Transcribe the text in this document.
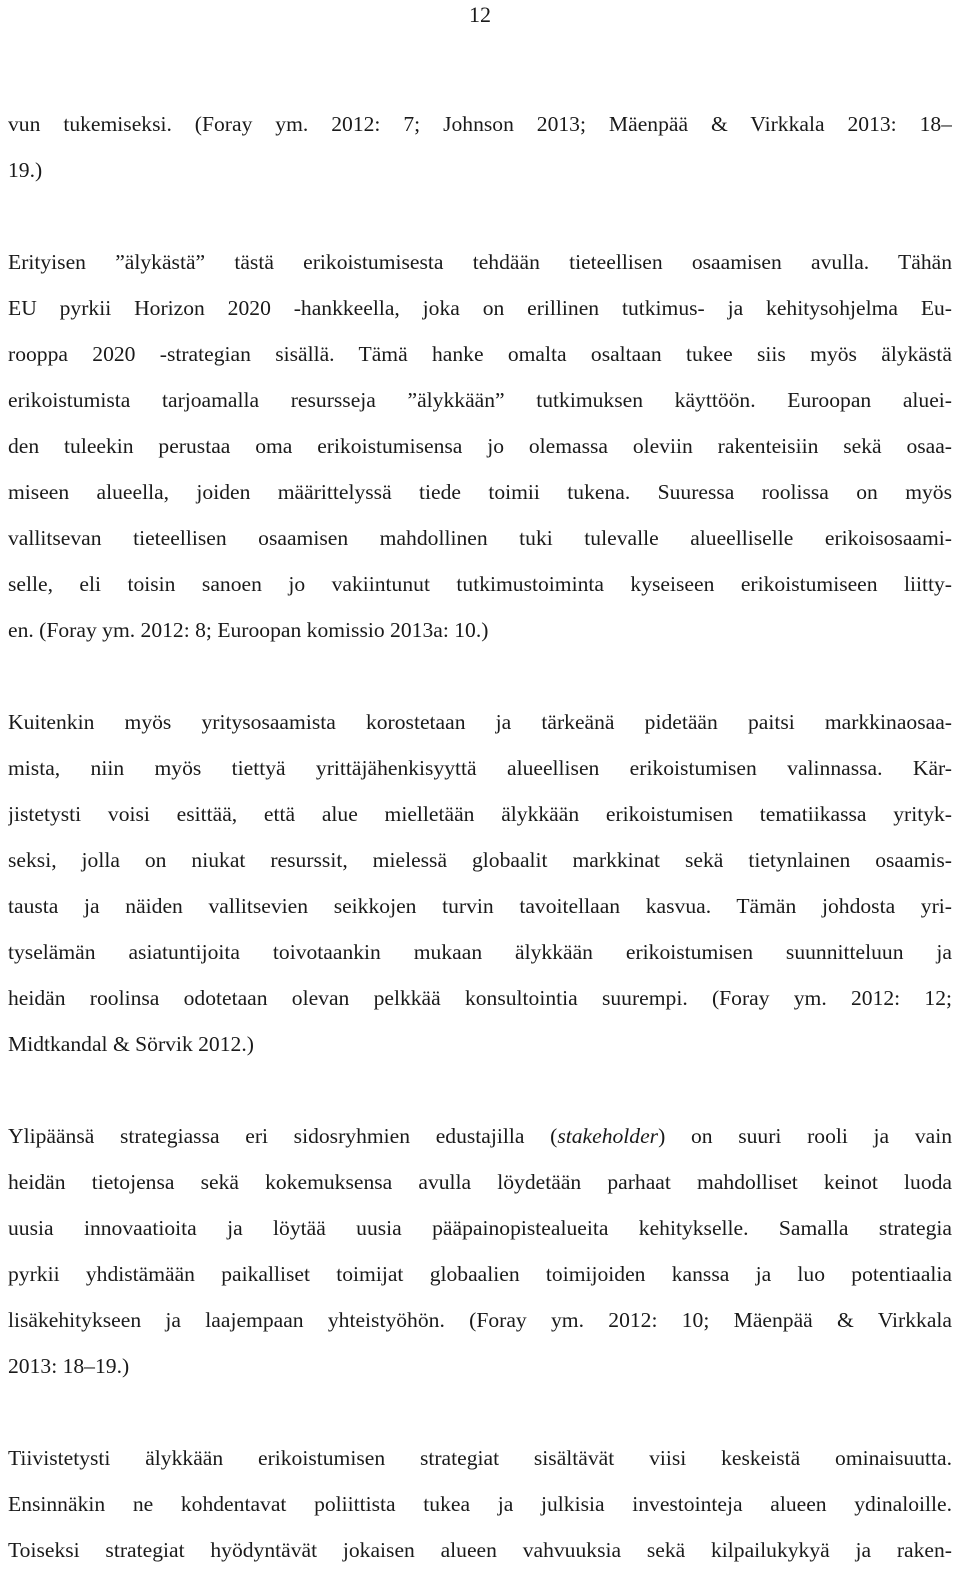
12
vun tukemiseksi. (Foray ym. 2012: 7; Johnson 2013; Mäenpää & Virkkala 2013: 18–
19.)
Erityisen ”älykästä” tästä erikoistumisesta tehdään tieteellisen osaamisen avulla. Tähän
EU pyrkii Horizon 2020 -hankkeella, joka on erillinen tutkimus- ja kehitysohjelma Eu-
rooppa 2020 -strategian sisällä. Tämä hanke omalta osaltaan tukee siis myös älykästä
erikoistumista tarjoamalla resursseja ”älykkään” tutkimuksen käyttöön. Euroopan aluei-
den tuleekin perustaa oma erikoistumisensa jo olemassa oleviin rakenteisiin sekä osaa-
miseen alueella, joiden määrittelyssä tiede toimii tukena. Suuressa roolissa on myös
vallitsevan tieteellisen osaamisen mahdollinen tuki tulevalle alueelliselle erikoisosaami-
selle, eli toisin sanoen jo vakiintunut tutkimustoiminta kyseiseen erikoistumiseen liitty-
en. (Foray ym. 2012: 8; Euroopan komissio 2013a: 10.)
Kuitenkin myös yritysosaamista korostetaan ja tärkeänä pidetään paitsi markkinaosaa-
mista, niin myös tiettyä yrittäjähenkisyyttä alueellisen erikoistumisen valinnassa. Kär-
jistetysti voisi esittää, että alue mielletään älykkään erikoistumisen tematiikassa yrityk-
seksi, jolla on niukat resurssit, mielessä globaalit markkinat sekä tietynlainen osaamis-
tausta ja näiden vallitsevien seikkojen turvin tavoitellaan kasvua. Tämän johdosta yri-
tyselämän asiatuntijoita toivotaankin mukaan älykkään erikoistumisen suunnitteluun ja
heidän roolinsa odotetaan olevan pelkkää konsultointia suurempi. (Foray ym. 2012: 12;
Midtkandal & Sörvik 2012.)
Ylipäänsä strategiassa eri sidosryhmien edustajilla (stakeholder) on suuri rooli ja vain
heidän tietojensa sekä kokemuksensa avulla löydetään parhaat mahdolliset keinot luoda
uusia innovaatioita ja löytää uusia pääpainopistealueita kehitykselle. Samalla strategia
pyrkii yhdistämään paikalliset toimijat globaalien toimijoiden kanssa ja luo potentiaalia
lisäkehitykseen ja laajempaan yhteistyöhön. (Foray ym. 2012: 10; Mäenpää & Virkkala
2013: 18–19.)
Tiivistetysti älykkään erikoistumisen strategiat sisältävät viisi keskeistä ominaisuutta.
Ensinnäkin ne kohdentavat poliittista tukea ja julkisia investointeja alueen ydinaloille.
Toiseksi strategiat hyödyntävät jokaisen alueen vahvuuksia sekä kilpailukykyä ja raken-
